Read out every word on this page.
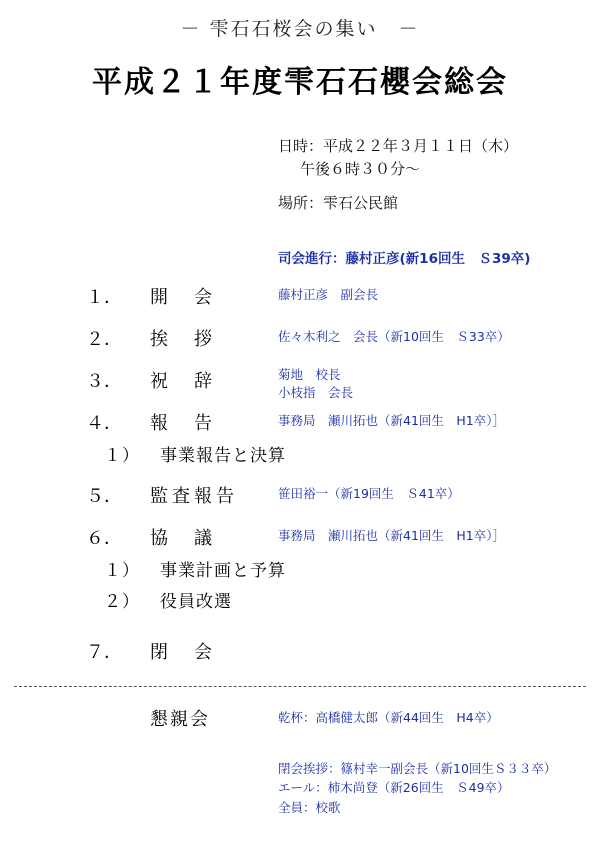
－ 雫石石桜会の集い　－
平成２１年度雫石石櫻会総会
日時：平成２２年３月１１日（木）
午後６時３０分～
場所：雫石公民館
司会進行：藤村正彦(新16回生　Ｓ39卒)
１． 開　会	藤村正彦　副会長
２． 挨　拶	佐々木利之　会長（新10回生　Ｓ33卒）
３． 祝　辞	菊地　校長
小枝指　会長
４． 報　告	事務局　瀬川拓也（新41回生　H1卒）］
１） 事業報告と決算
５． 監査報告	笹田裕一（新19回生　Ｓ41卒）
６． 協　議	事務局　瀬川拓也（新41回生　H1卒）］
１） 事業計画と予算
２） 役員改選
７． 閉　会
懇親会	乾杯：高橋健太郎（新44回生　H4卒）
閉会挨拶：篠村幸一副会長（新10回生Ｓ３３卒）
エール：柿木尚登（新26回生　Ｓ49卒）
全員：校歌
